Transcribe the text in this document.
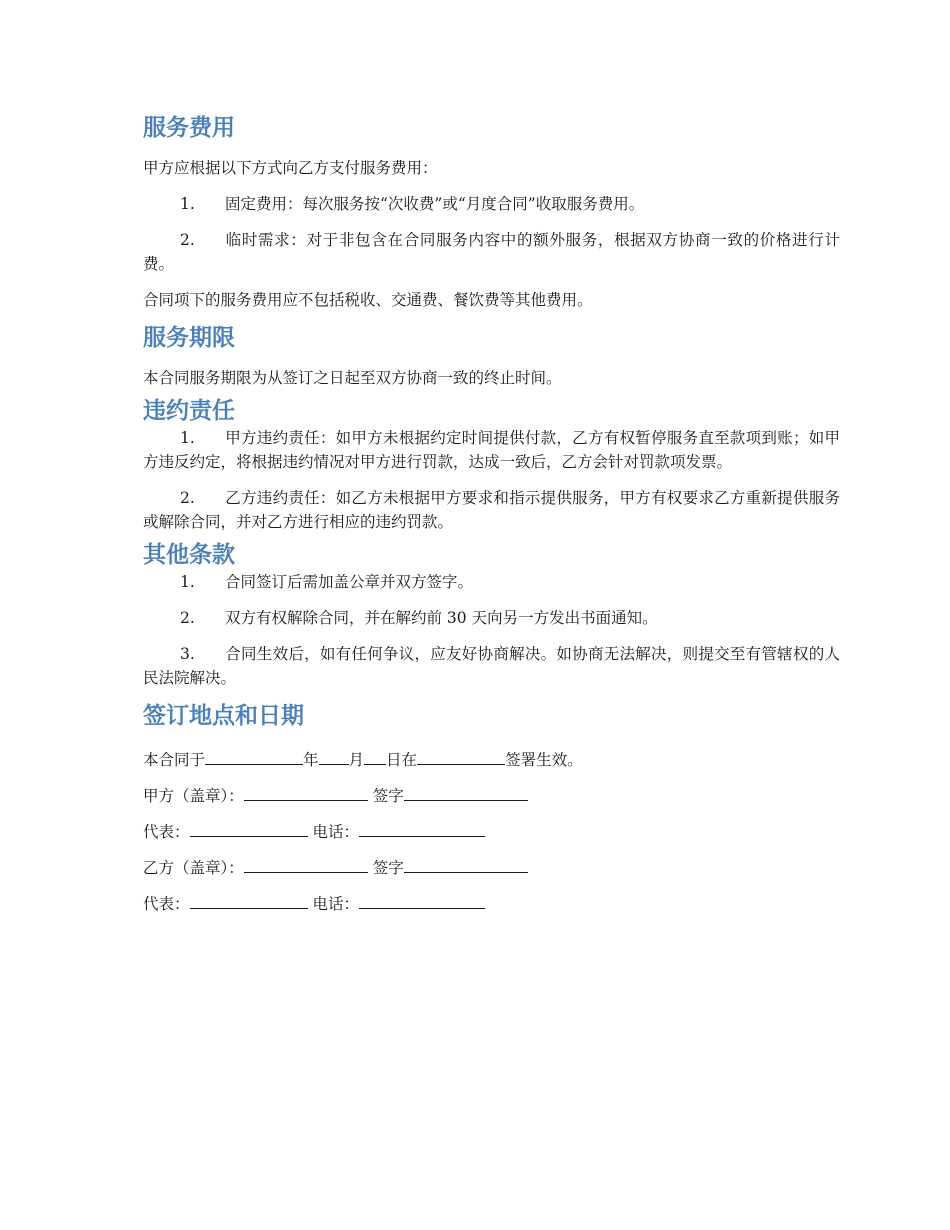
服务费用

甲方应根据以下方式向乙方支付服务费用：

1. 固定费用：每次服务按“次收费”或“月度合同”收取服务费用。

2. 临时需求：对于非包含在合同服务内容中的额外服务，根据双方协商一致的价格进行计费。

合同项下的服务费用应不包括税收、交通费、餐饮费等其他费用。

服务期限

本合同服务期限为从签订之日起至双方协商一致的终止时间。

违约责任

1. 甲方违约责任：如甲方未根据约定时间提供付款，乙方有权暂停服务直至款项到账；如甲方违反约定，将根据违约情况对甲方进行罚款，达成一致后，乙方会针对罚款项发票。

2. 乙方违约责任：如乙方未根据甲方要求和指示提供服务，甲方有权要求乙方重新提供服务或解除合同，并对乙方进行相应的违约罚款。

其他条款

1. 合同签订后需加盖公章并双方签字。

2. 双方有权解除合同，并在解约前 30 天向另一方发出书面通知。

3. 合同生效后，如有任何争议，应友好协商解决。如协商无法解决，则提交至有管辖权的人民法院解决。

签订地点和日期

本合同于	年 月 日在	签署生效。

甲方（盖章）：	签字

代表：	电话：

乙方（盖章）：	签字

代表：	电话：
